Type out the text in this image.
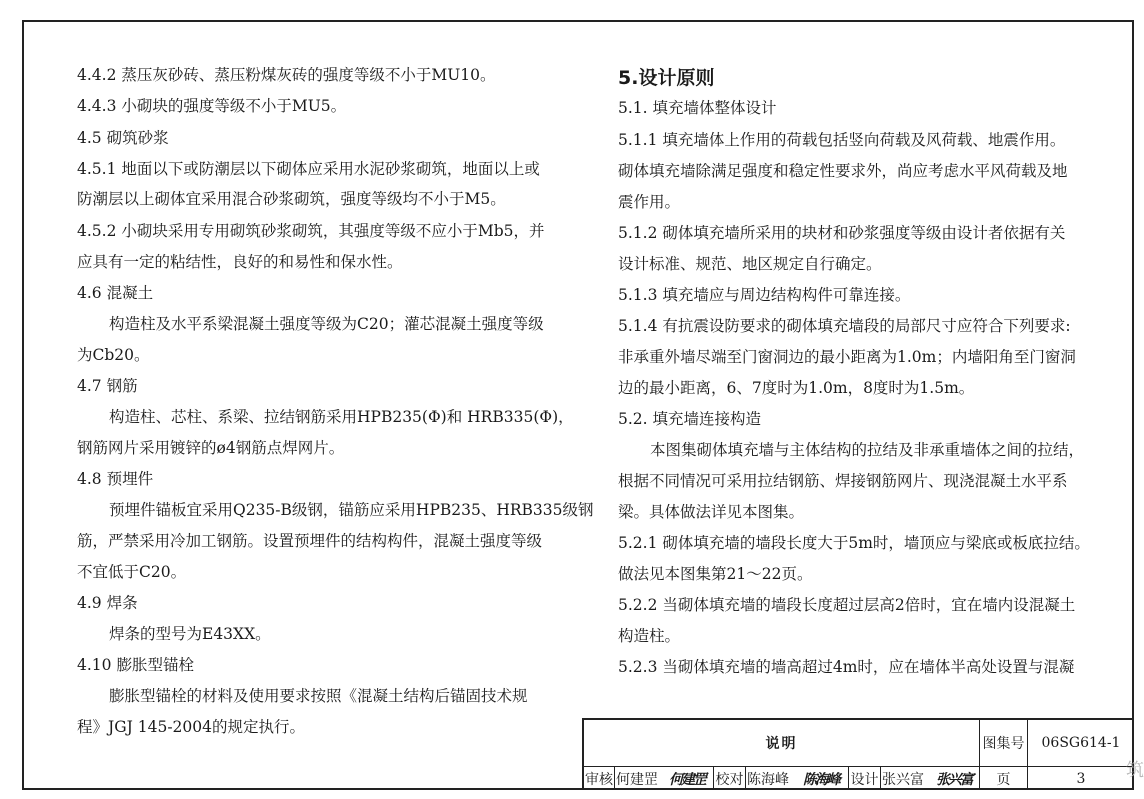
4.4.2 蒸压灰砂砖、蒸压粉煤灰砖的强度等级不小于MU10。
4.4.3 小砌块的强度等级不小于MU5。
4.5 砌筑砂浆
4.5.1 地面以下或防潮层以下砌体应采用水泥砂浆砌筑，地面以上或
防潮层以上砌体宜采用混合砂浆砌筑，强度等级均不小于M5。
4.5.2 小砌块采用专用砌筑砂浆砌筑，其强度等级不应小于Mb5，并
应具有一定的粘结性，良好的和易性和保水性。
4.6 混凝土
构造柱及水平系梁混凝土强度等级为C20；灌芯混凝土强度等级
为Cb20。
4.7 钢筋
构造柱、芯柱、系梁、拉结钢筋采用HPB235(Φ)和 HRB335(Φ)，
钢筋网片采用镀锌的ø4钢筋点焊网片。
4.8 预埋件
预埋件锚板宜采用Q235-B级钢，锚筋应采用HPB235、HRB335级钢
筋，严禁采用冷加工钢筋。设置预埋件的结构构件，混凝土强度等级
不宜低于C20。
4.9 焊条
焊条的型号为E43XX。
4.10 膨胀型锚栓
膨胀型锚栓的材料及使用要求按照《混凝土结构后锚固技术规
程》JGJ 145-2004的规定执行。
5.设计原则
5.1. 填充墙体整体设计
5.1.1 填充墙体上作用的荷载包括竖向荷载及风荷载、地震作用。
砌体填充墙除满足强度和稳定性要求外，尚应考虑水平风荷载及地
震作用。
5.1.2 砌体填充墙所采用的块材和砂浆强度等级由设计者依据有关
设计标准、规范、地区规定自行确定。
5.1.3 填充墙应与周边结构构件可靠连接。
5.1.4 有抗震设防要求的砌体填充墙段的局部尺寸应符合下列要求:
非承重外墙尽端至门窗洞边的最小距离为1.0m；内墙阳角至门窗洞
边的最小距离，6、7度时为1.0m，8度时为1.5m。
5.2. 填充墙连接构造
本图集砌体填充墙与主体结构的拉结及非承重墙体之间的拉结，
根据不同情况可采用拉结钢筋、焊接钢筋网片、现浇混凝土水平系
梁。具体做法详见本图集。
5.2.1 砌体填充墙的墙段长度大于5m时，墙顶应与梁底或板底拉结。
做法见本图集第21～22页。
5.2.2 当砌体填充墙的墙段长度超过层高2倍时，宜在墙内设混凝土
构造柱。
5.2.3 当砌体填充墙的墙高超过4m时，应在墙体半高处设置与混凝
说明	图集号	06SG614-1
审核 何建罡 何建罡 校对 陈海峰	陈海峰 设计 张兴富 张兴富	页	3	筑
